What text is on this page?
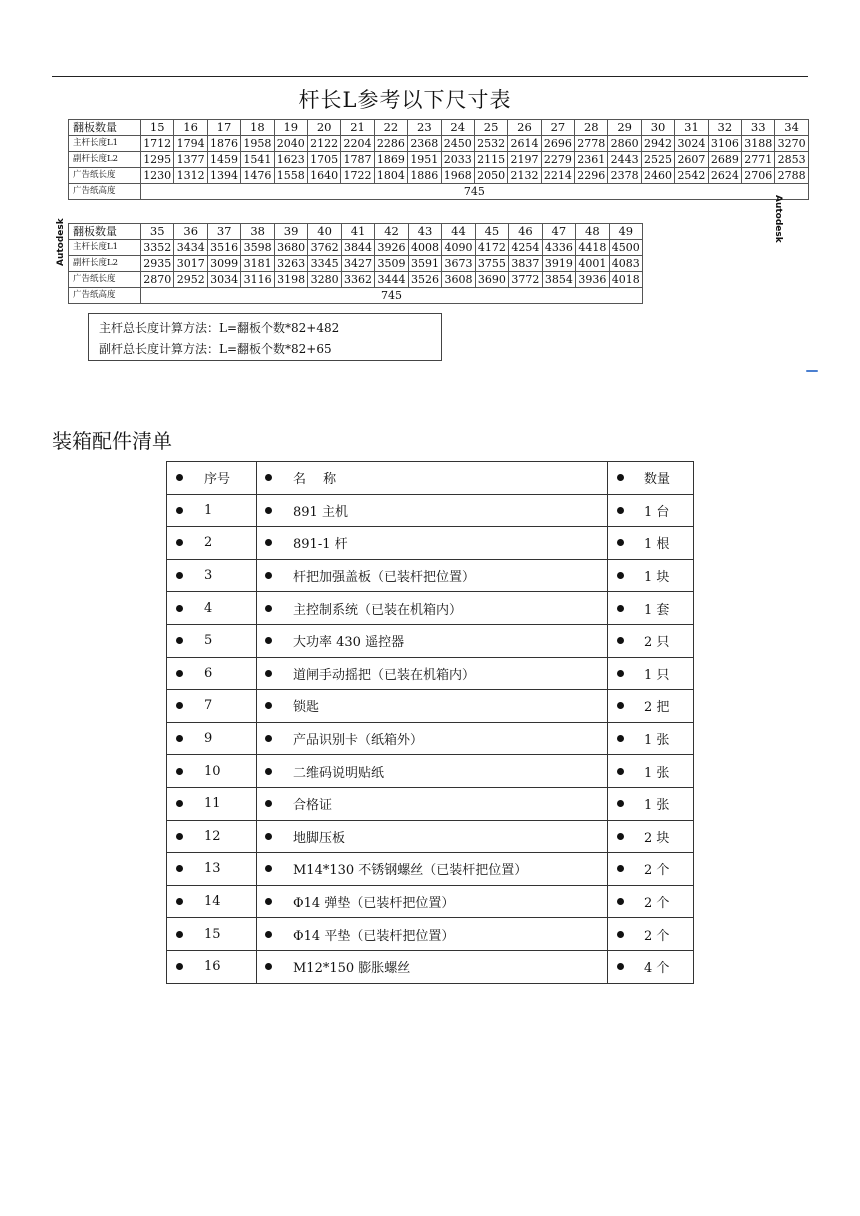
杆长L参考以下尺寸表
翻板数量	15	16	17	18	19	20	21	22	23	24	25	26	27	28	29	30	31	32	33	34
主杆长度L1	1712	1794	1876	1958	2040	2122	2204	2286	2368	2450	2532	2614	2696	2778	2860	2942	3024	3106	3188	3270
副杆长度L2	1295	1377	1459	1541	1623	1705	1787	1869	1951	2033	2115	2197	2279	2361	2443	2525	2607	2689	2771	2853
广告纸长度	1230	1312	1394	1476	1558	1640	1722	1804	1886	1968	2050	2132	2214	2296	2378	2460	2542	2624	2706	2788
广告纸高度	745																			
Autodesk
翻板数量	35	36	37	38	39	40	41	42	43	44	45	46	47	48	49
主杆长度L1	3352	3434	3516	3598	3680	3762	3844	3926	4008	4090	4172	4254	4336	4418	4500
副杆长度L2	2935	3017	3099	3181	3263	3345	3427	3509	3591	3673	3755	3837	3919	4001	4083
广告纸长度	2870	2952	3034	3116	3198	3280	3362	3444	3526	3608	3690	3772	3854	3936	4018
广告纸高度	745														
Autodesk
主杆总长度计算方法：L=翻板个数*82+482
副杆总长度计算方法：L=翻板个数*82+65
装箱配件清单
序号	名　 称	数量

1	891 主机	1 台

2	891-1 杆	1 根

3	杆把加强盖板（已装杆把位置）	1 块

4	主控制系统（已装在机箱内）	1 套

5	大功率 430 遥控器	2 只

6	道闸手动摇把（已装在机箱内）	1 只

7	锁匙	2 把

9	产品识别卡（纸箱外）	1 张

10	二维码说明贴纸	1 张

11	合格证	1 张

12	地脚压板	2 块

13	M14*130 不锈钢螺丝（已装杆把位置）	2 个

14	Φ14 弹垫（已装杆把位置）	2 个

15	Φ14 平垫（已装杆把位置）	2 个

16	M12*150 膨胀螺丝	4 个
